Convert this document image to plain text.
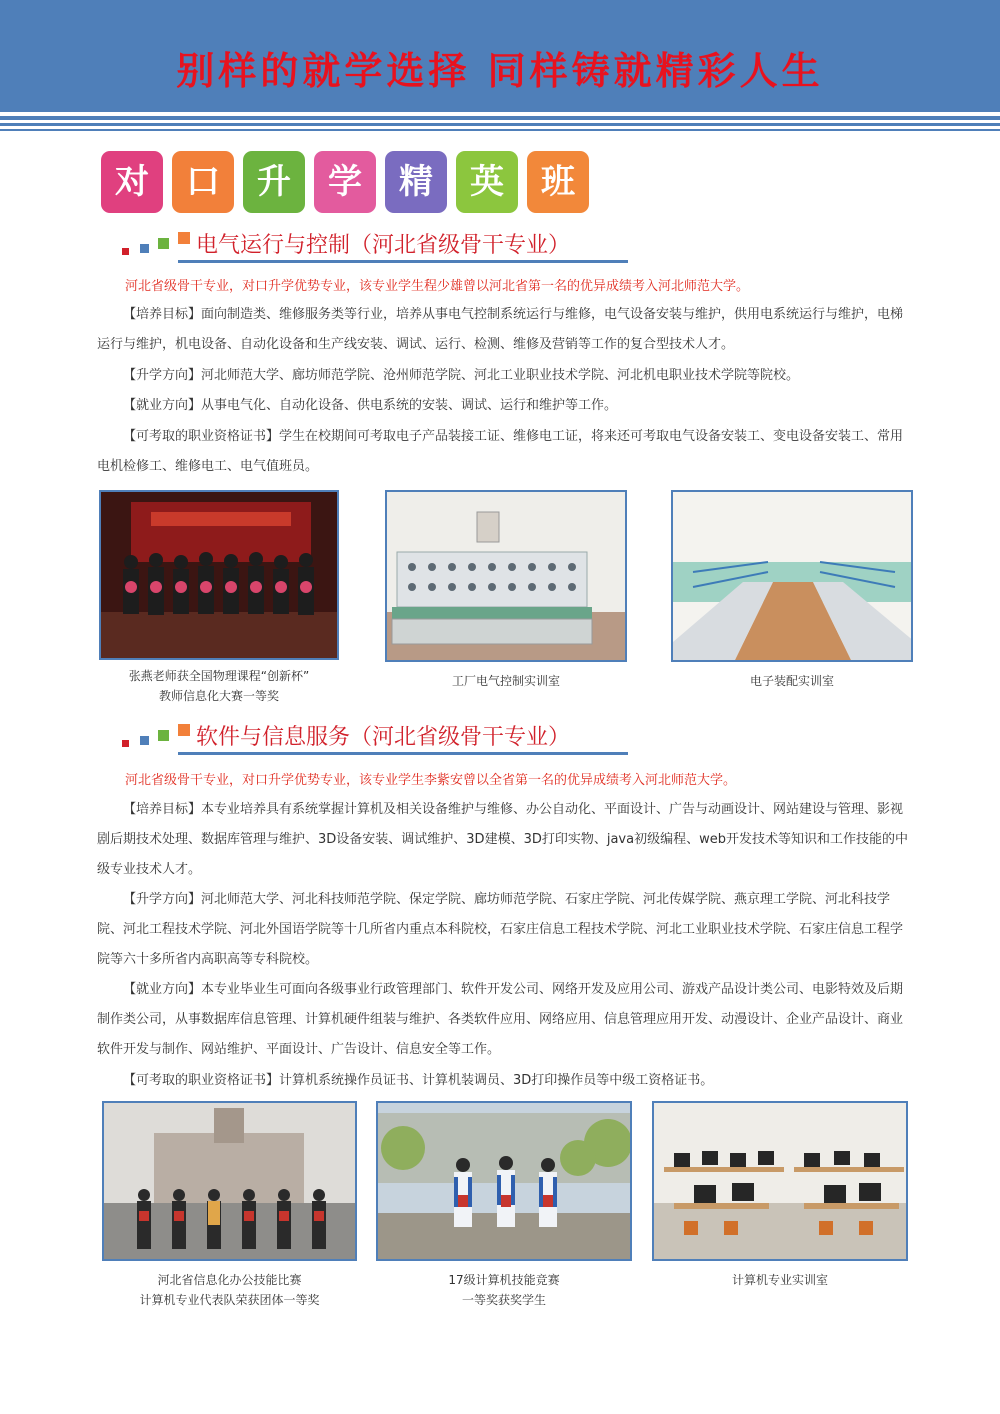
别样的就学选择 同样铸就精彩人生
对	口	升	学	精	英	班
电气运行与控制（河北省级骨干专业）
河北省级骨干专业，对口升学优势专业，该专业学生程少雄曾以河北省第一名的优异成绩考入河北师范大学。
【培养目标】面向制造类、维修服务类等行业，培养从事电气控制系统运行与维修，电气设备安装与维护，供用电系统运行与维护，电梯运行与维护，机电设备、自动化设备和生产线安装、调试、运行、检测、维修及营销等工作的复合型技术人才。
【升学方向】河北师范大学、廊坊师范学院、沧州师范学院、河北工业职业技术学院、河北机电职业技术学院等院校。
【就业方向】从事电气化、自动化设备、供电系统的安装、调试、运行和维护等工作。
【可考取的职业资格证书】学生在校期间可考取电子产品装接工证、维修电工证，将来还可考取电气设备安装工、变电设备安装工、常用电机检修工、维修电工、电气值班员。
张燕老师获全国物理课程“创新杯”
教师信息化大赛一等奖
工厂电气控制实训室	电子装配实训室
软件与信息服务（河北省级骨干专业）
河北省级骨干专业，对口升学优势专业，该专业学生李紫安曾以全省第一名的优异成绩考入河北师范大学。
【培养目标】本专业培养具有系统掌握计算机及相关设备维护与维修、办公自动化、平面设计、广告与动画设计、网站建设与管理、影视剧后期技术处理、数据库管理与维护、3D设备安装、调试维护、3D建模、3D打印实物、java初级编程、web开发技术等知识和工作技能的中级专业技术人才。
【升学方向】河北师范大学、河北科技师范学院、保定学院、廊坊师范学院、石家庄学院、河北传媒学院、燕京理工学院、河北科技学院、河北工程技术学院、河北外国语学院等十几所省内重点本科院校，石家庄信息工程技术学院、河北工业职业技术学院、石家庄信息工程学院等六十多所省内高职高等专科院校。
【就业方向】本专业毕业生可面向各级事业行政管理部门、软件开发公司、网络开发及应用公司、游戏产品设计类公司、电影特效及后期制作类公司，从事数据库信息管理、计算机硬件组装与维护、各类软件应用、网络应用、信息管理应用开发、动漫设计、企业产品设计、商业软件开发与制作、网站维护、平面设计、广告设计、信息安全等工作。
【可考取的职业资格证书】计算机系统操作员证书、计算机装调员、3D打印操作员等中级工资格证书。
河北省信息化办公技能比赛
计算机专业代表队荣获团体一等奖
17级计算机技能竞赛
一等奖获奖学生
计算机专业实训室
